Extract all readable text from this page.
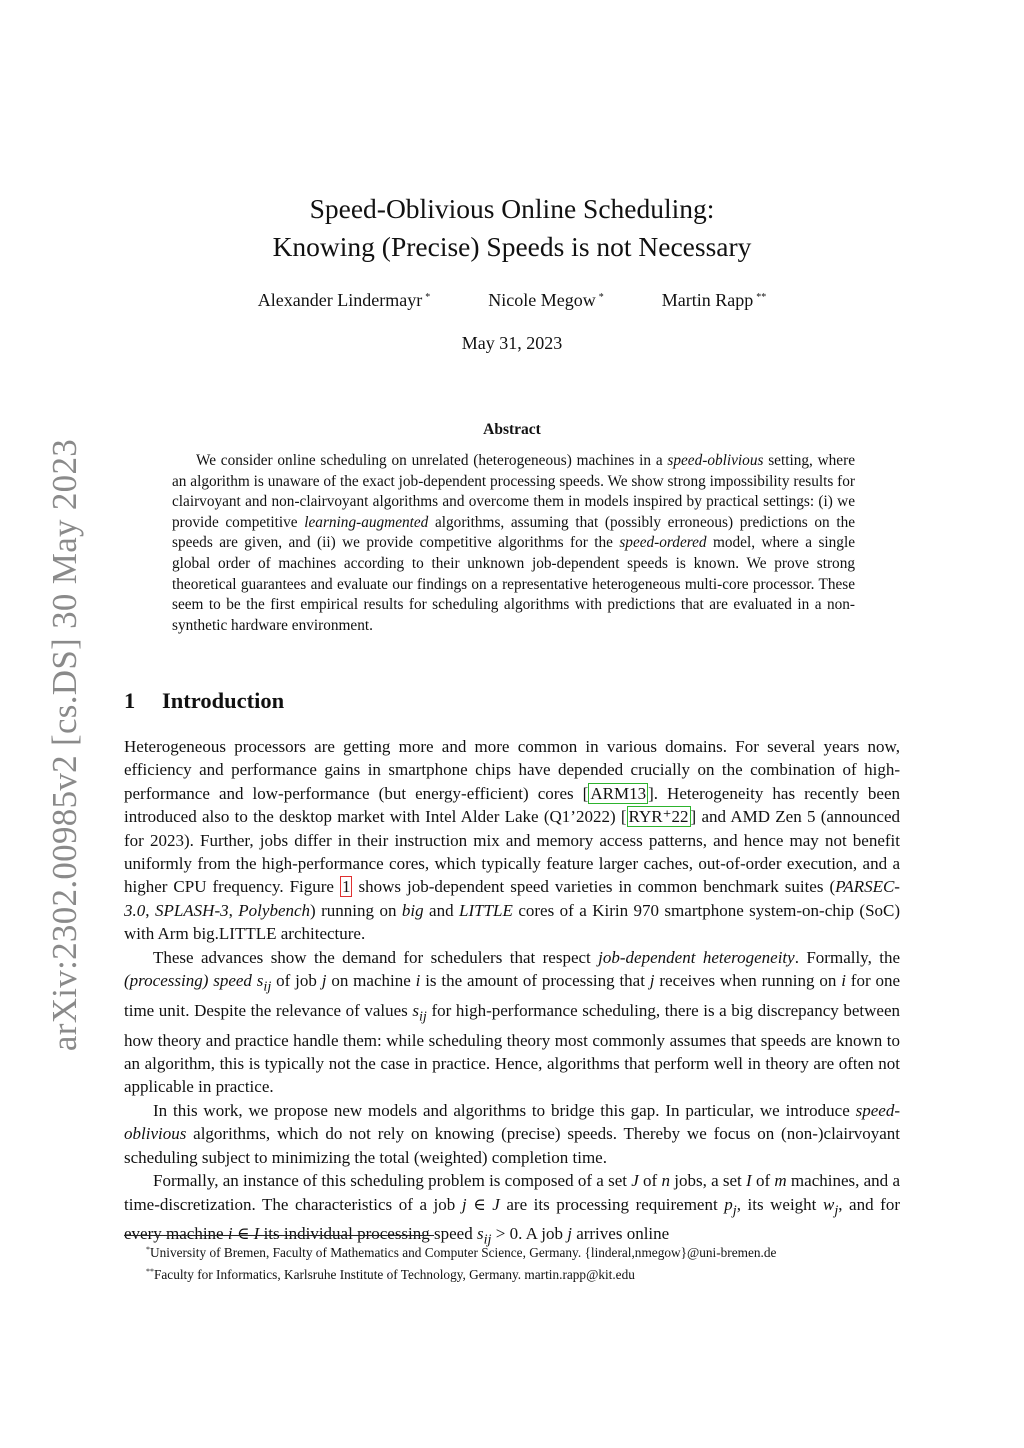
arXiv:2302.00985v2 [cs.DS] 30 May 2023
Speed-Oblivious Online Scheduling:
Knowing (Precise) Speeds is not Necessary
Alexander Lindermayr *	Nicole Megow *	Martin Rapp **
May 31, 2023
Abstract

We consider online scheduling on unrelated (heterogeneous) machines in a speed-oblivious setting, where an algorithm is unaware of the exact job-dependent processing speeds. We show strong impossibility results for clairvoyant and non-clairvoyant algorithms and overcome them in models inspired by practical settings: (i) we provide competitive learning-augmented algorithms, assuming that (possibly erroneous) predictions on the speeds are given, and (ii) we provide competitive algorithms for the speed-ordered model, where a single global order of machines according to their unknown job-dependent speeds is known. We prove strong theoretical guarantees and evaluate our findings on a representative heterogeneous multi-core processor. These seem to be the first empirical results for scheduling algorithms with predictions that are evaluated in a non-synthetic hardware environment.

1 Introduction

Heterogeneous processors are getting more and more common in various domains. For several years now, efficiency and performance gains in smartphone chips have depended crucially on the combination of high-performance and low-performance (but energy-efficient) cores [ ARM13 ]. Heterogeneity has recently been introduced also to the desktop market with Intel Alder Lake (Q1’2022) [ RYR⁺22 ] and AMD Zen 5 (announced for 2023). Further, jobs differ in their instruction mix and memory access patterns, and hence may not benefit uniformly from the high-performance cores, which typically feature larger caches, out-of-order execution, and a higher CPU frequency. Figure 1 shows job-dependent speed varieties in common benchmark suites (PARSEC-3.0, SPLASH-3, Polybench) running on big and LITTLE cores of a Kirin 970 smartphone system-on-chip (SoC) with Arm big.LITTLE architecture.

These advances show the demand for schedulers that respect job-dependent heterogeneity. Formally, the (processing) speed $s_{ij}$ of job j on machine i is the amount of processing that j receives when running on i for one time unit. Despite the relevance of values $s_{ij}$ for high-performance scheduling, there is a big discrepancy between how theory and practice handle them: while scheduling theory most commonly assumes that speeds are known to an algorithm, this is typically not the case in practice. Hence, algorithms that perform well in theory are often not applicable in practice.

In this work, we propose new models and algorithms to bridge this gap. In particular, we introduce speed-oblivious algorithms, which do not rely on knowing (precise) speeds. Thereby we focus on (non-)clairvoyant scheduling subject to minimizing the total (weighted) completion time.

Formally, an instance of this scheduling problem is composed of a set J of n jobs, a set I of m machines, and a time-discretization. The characteristics of a job j ∈ J are its processing requirement $p_j$, its weight $w_j$, and for every machine i ∈ I its individual processing speed $s_{ij} > 0$. A job j arrives online

*University of Bremen, Faculty of Mathematics and Computer Science, Germany. {linderal,nmegow}@uni-bremen.de
**Faculty for Informatics, Karlsruhe Institute of Technology, Germany. martin.rapp@kit.edu
